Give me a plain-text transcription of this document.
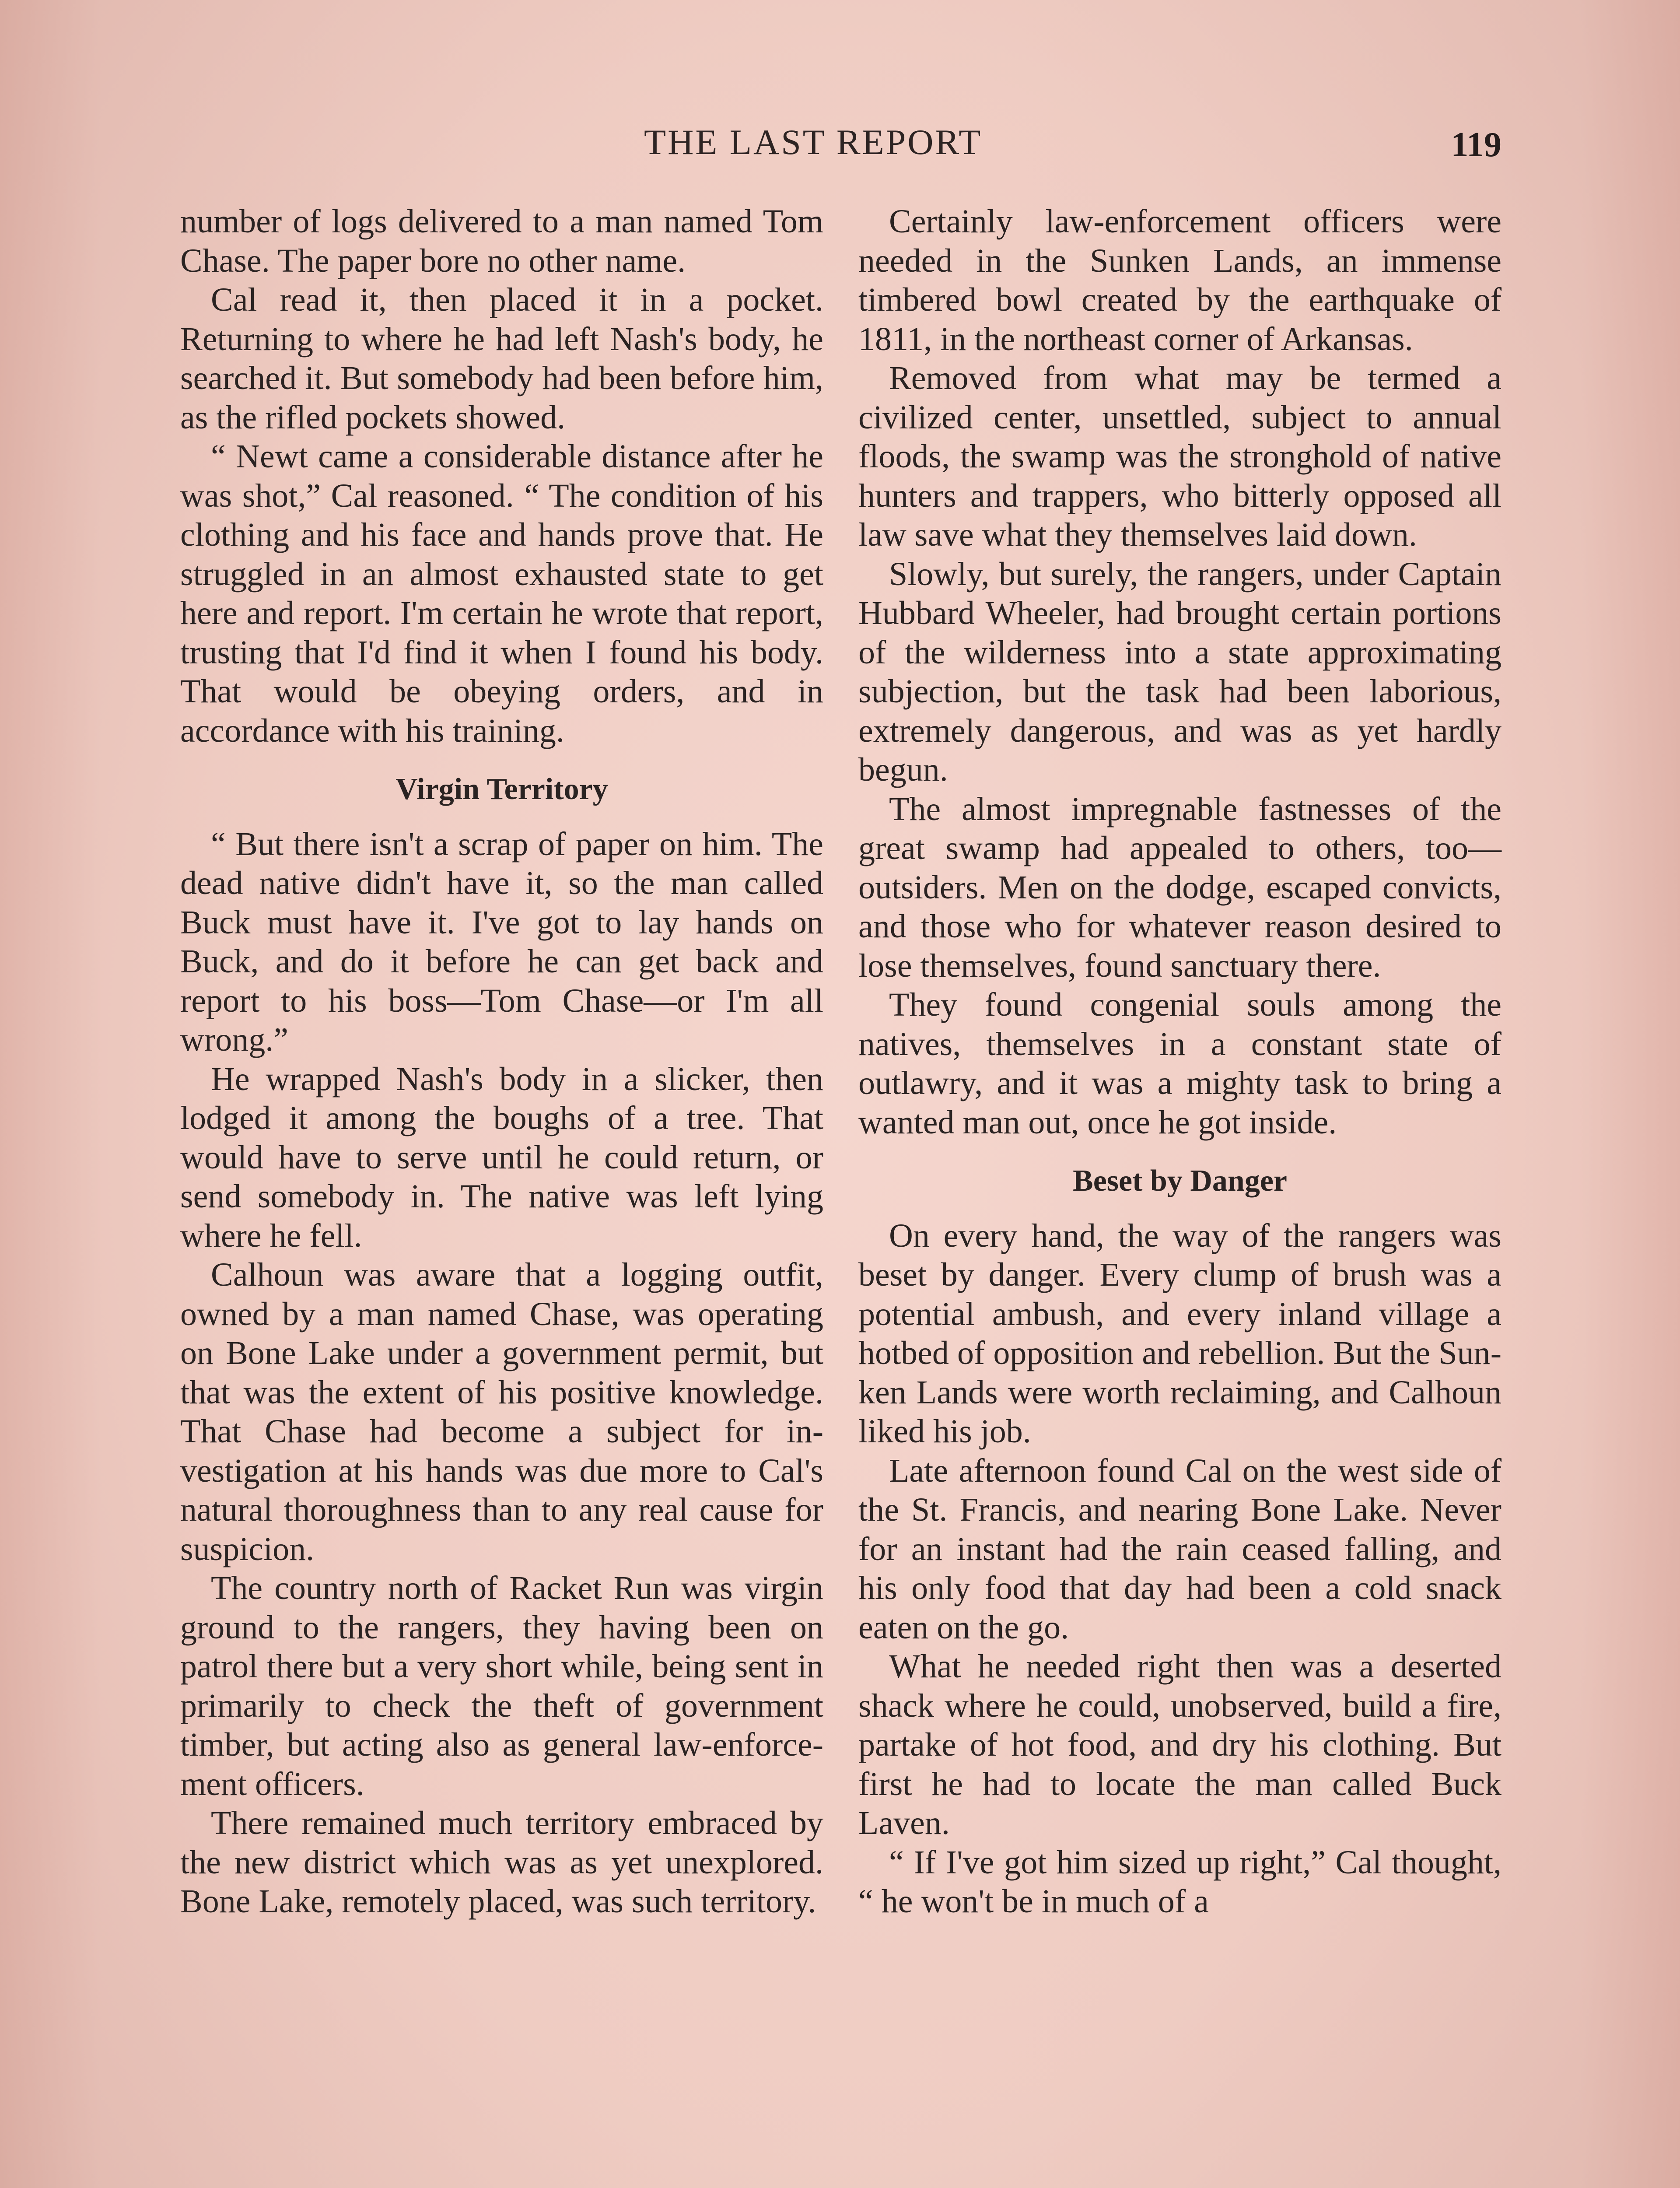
THE LAST REPORT	119

number of logs delivered to a man named Tom Chase. The paper bore no other name.

Cal read it, then placed it in a pocket. Returning to where he had left Nash's body, he searched it. But somebody had been before him, as the rifled pockets showed.

“ Newt came a considerable distance after he was shot,” Cal reasoned. “ The condition of his clothing and his face and hands prove that. He struggled in an almost exhausted state to get here and report. I'm certain he wrote that report, trusting that I'd find it when I found his body. That would be obeying orders, and in accordance with his training.

Virgin Territory

“ But there isn't a scrap of paper on him. The dead native didn't have it, so the man called Buck must have it. I've got to lay hands on Buck, and do it before he can get back and report to his boss—Tom Chase—or I'm all wrong.”

He wrapped Nash's body in a slicker, then lodged it among the boughs of a tree. That would have to serve until he could return, or send somebody in. The native was left lying where he fell.

Calhoun was aware that a logging outfit, owned by a man named Chase, was operating on Bone Lake under a government permit, but that was the extent of his positive knowledge. That Chase had become a subject for investigation at his hands was due more to Cal's natural thoroughness than to any real cause for suspicion.

The country north of Racket Run was virgin ground to the rangers, they having been on patrol there but a very short while, being sent in primarily to check the theft of government timber, but acting also as general law-enforcement officers.

There remained much territory embraced by the new district which was as yet unexplored. Bone Lake, remotely placed, was such territory.

Certainly law-enforcement officers were needed in the Sunken Lands, an immense timbered bowl created by the earthquake of 1811, in the northeast corner of Arkansas.

Removed from what may be termed a civilized center, unsettled, subject to annual floods, the swamp was the stronghold of native hunters and trappers, who bitterly opposed all law save what they themselves laid down.

Slowly, but surely, the rangers, under Captain Hubbard Wheeler, had brought certain portions of the wilderness into a state approximating subjection, but the task had been laborious, extremely dangerous, and was as yet hardly begun.

The almost impregnable fastnesses of the great swamp had appealed to others, too—outsiders. Men on the dodge, escaped convicts, and those who for whatever reason desired to lose themselves, found sanctuary there.

They found congenial souls among the natives, themselves in a constant state of outlawry, and it was a mighty task to bring a wanted man out, once he got inside.

Beset by Danger

On every hand, the way of the rangers was beset by danger. Every clump of brush was a potential ambush, and every inland village a hotbed of opposition and rebellion. But the Sunken Lands were worth reclaiming, and Calhoun liked his job.

Late afternoon found Cal on the west side of the St. Francis, and nearing Bone Lake. Never for an instant had the rain ceased falling, and his only food that day had been a cold snack eaten on the go.

What he needed right then was a deserted shack where he could, unobserved, build a fire, partake of hot food, and dry his clothing. But first he had to locate the man called Buck Laven.

“ If I've got him sized up right,” Cal thought, “ he won't be in much of a
